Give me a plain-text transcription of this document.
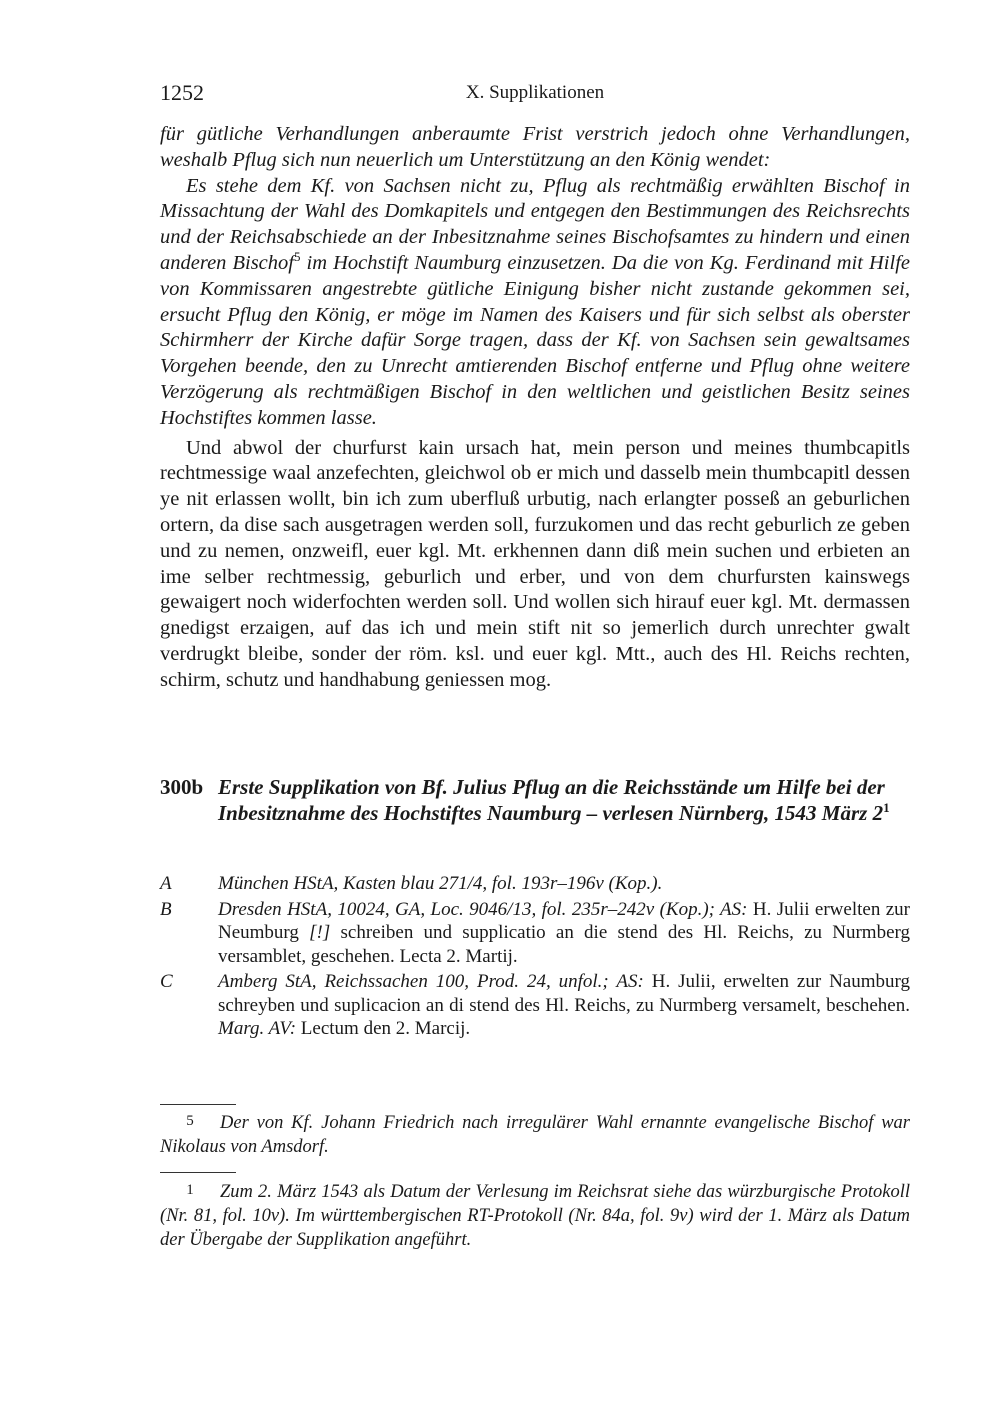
1252	X. Supplikationen

für gütliche Verhandlungen anberaumte Frist verstrich jedoch ohne Verhandlungen, weshalb Pflug sich nun neuerlich um Unterstützung an den König wendet:

Es stehe dem Kf. von Sachsen nicht zu, Pflug als rechtmäßig erwählten Bischof in Missachtung der Wahl des Domkapitels und entgegen den Bestimmungen des Reichsrechts und der Reichsabschiede an der Inbesitznahme seines Bischofsamtes zu hindern und einen anderen Bischof$^5$ im Hochstift Naumburg einzusetzen. Da die von Kg. Ferdinand mit Hilfe von Kommissaren angestrebte gütliche Einigung bisher nicht zustande gekommen sei, ersucht Pflug den König, er möge im Namen des Kaisers und für sich selbst als oberster Schirmherr der Kirche dafür Sorge tragen, dass der Kf. von Sachsen sein gewaltsames Vorgehen beende, den zu Unrecht amtierenden Bischof entferne und Pflug ohne weitere Verzögerung als rechtmäßigen Bischof in den weltlichen und geistlichen Besitz seines Hochstiftes kommen lasse.

Und abwol der churfurst kain ursach hat, mein person und meines thumbcapitls rechtmessige waal anzefechten, gleichwol ob er mich und dasselb mein thumbcapitl dessen ye nit erlassen wollt, bin ich zum uberfluß urbutig, nach erlangter posseß an geburlichen ortern, da dise sach ausgetragen werden soll, furzukomen und das recht geburlich ze geben und zu nemen, onzweifl, euer kgl. Mt. erkhennen dann diß mein suchen und erbieten an ime selber rechtmessig, geburlich und erber, und von dem churfursten kainswegs gewaigert noch widerfochten werden soll. Und wollen sich hirauf euer kgl. Mt. dermassen gnedigst erzaigen, auf das ich und mein stift nit so jemerlich durch unrechter gwalt verdrugkt bleibe, sonder der röm. ksl. und euer kgl. Mtt., auch des Hl. Reichs rechten, schirm, schutz und handhabung geniessen mog.

300b Erste Supplikation von Bf. Julius Pflug an die Reichsstände um Hilfe bei der Inbesitznahme des Hochstiftes Naumburg – verlesen Nürnberg, 1543 März $2^1$
A München HStA, Kasten blau 271/4, fol. 193r–196v (Kop.).
B Dresden HStA, 10024, GA, Loc. 9046/13, fol. 235r–242v (Kop.); AS: H. Julii erwelten zur Neumburg [!] schreiben und supplicatio an die stend des Hl. Reichs, zu Nurmberg versamblet, geschehen. Lecta 2. Martij.
C Amberg StA, Reichssachen 100, Prod. 24, unfol.; AS: H. Julii, erwelten zur Naumburg schreyben und suplicacion an di stend des Hl. Reichs, zu Nurmberg versamelt, beschehen. Marg. AV: Lectum den 2. Marcij.
5 Der von Kf. Johann Friedrich nach irregulärer Wahl ernannte evangelische Bischof war Nikolaus von Amsdorf.
1 Zum 2. März 1543 als Datum der Verlesung im Reichsrat siehe das würzburgische Protokoll (Nr. 81, fol. 10v). Im württembergischen RT-Protokoll (Nr. 84a, fol. 9v) wird der 1. März als Datum der Übergabe der Supplikation angeführt.
